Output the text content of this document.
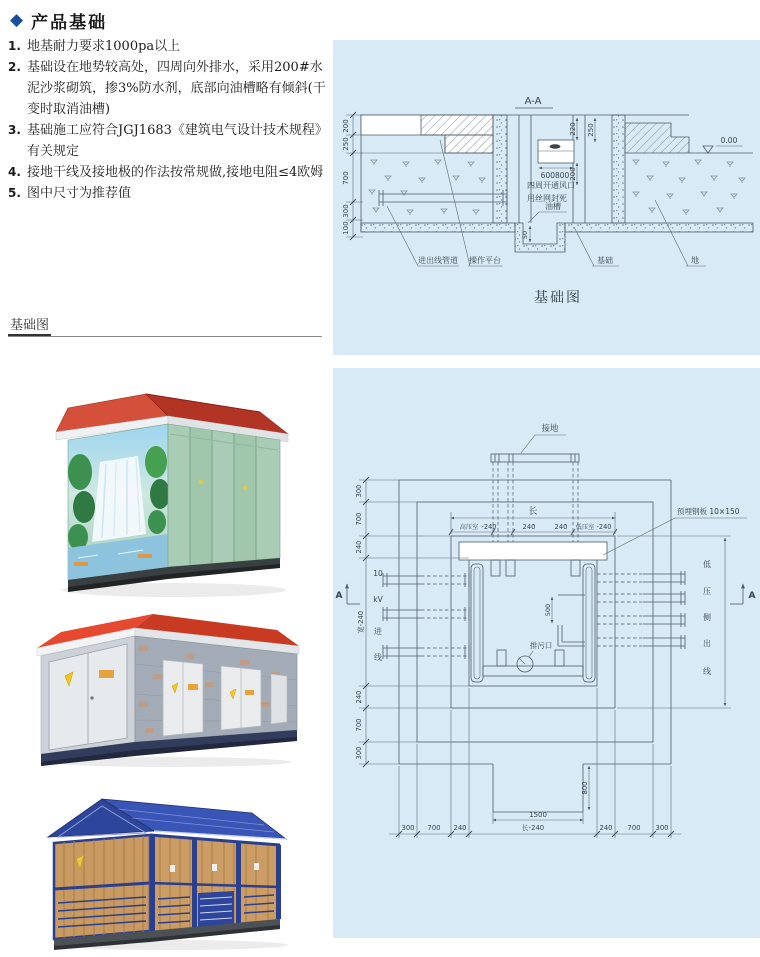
◆ 产品基础

1. 地基耐力要求1000pa以上

2. 基础设在地势较高处，四周向外排水，采用200#水泥沙浆砌筑，掺3%防水剂，底部向油槽略有倾斜(干变时取消油槽)

3. 基础施工应符合JGJ1683《建筑电气设计技术规程》有关规定

4. 接地干线及接地极的作法按常规做,接地电阻≤4欧姆

5. 图中尺寸为推荐值

基础图
A-A
200
250
700
300
100
600800
220
200
250
四周开通风口
用丝网封死
0.00
50
油槽
进出线管道 操作平台	基础	地
基础图
接地
500
排污口
长
高压室 -240	240	240 低压室 -240
预埋钢板 10×150
300
700
240
宽-240
240
700
300
10
kV
进
线
A	A
低
压
侧
出
线
800
1500
300 700 240	长-240	240 700 300
